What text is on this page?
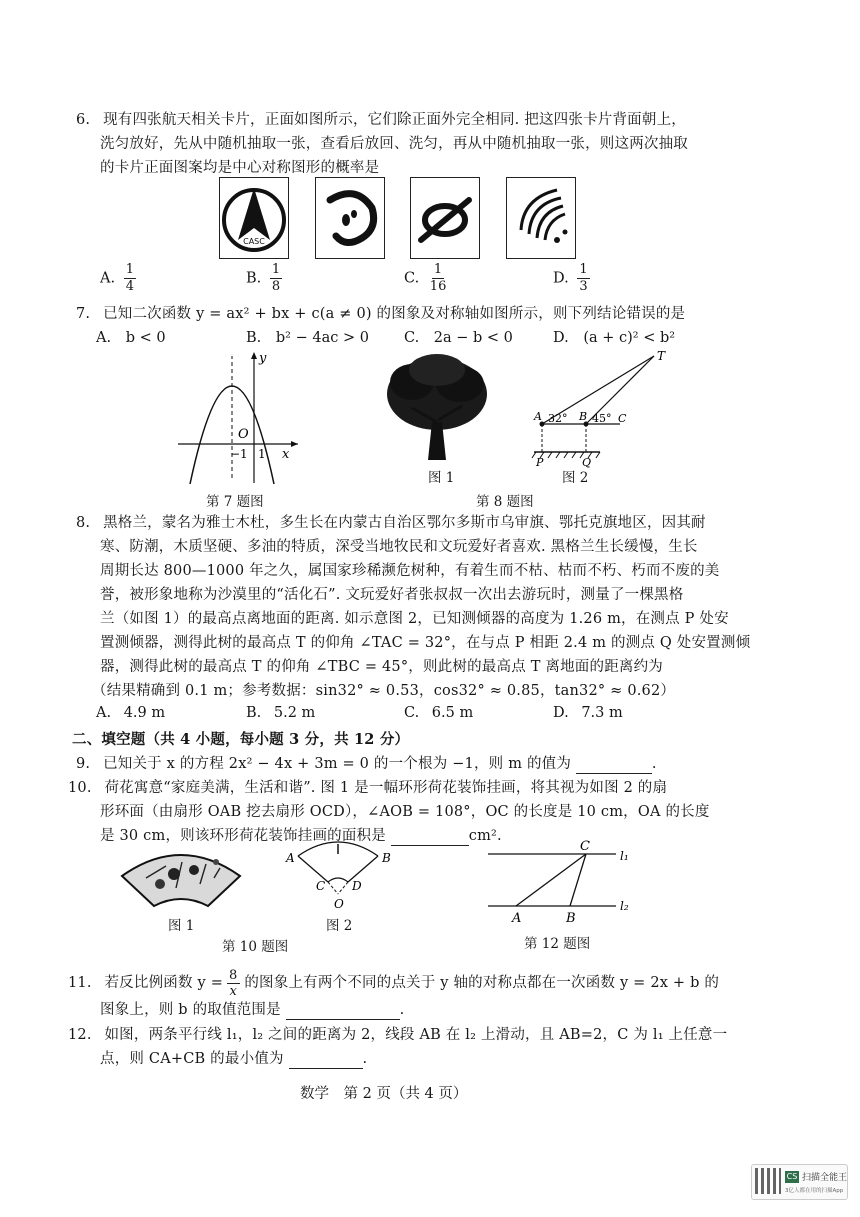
6. 现有四张航天相关卡片，正面如图所示，它们除正面外完全相同. 把这四张卡片背面朝上，
洗匀放好，先从中随机抽取一张，查看后放回、洗匀，再从中随机抽取一张，则这两次抽取
的卡片正面图案均是中心对称图形的概率是
CASC
A. $\frac{1}{4}$	B. $\frac{1}{8}$	C. $\frac{1}{16}$	D. $\frac{1}{3}$
7. 已知二次函数 y = ax² + bx + c(a ≠ 0) 的图象及对称轴如图所示，则下列结论错误的是
A. b < 0	B. b² − 4ac > 0 C. 2a − b < 0	D. (a + c)² < b²
y
x
O
−1 1
第 7 题图
图 1
T
A 32° B 45° C
P	Q
图 2
第 8 题图
8. 黑格兰，蒙名为雅士木杜，多生长在内蒙古自治区鄂尔多斯市乌审旗、鄂托克旗地区，因其耐
寒、防潮，木质坚硬、多油的特质，深受当地牧民和文玩爱好者喜欢. 黑格兰生长缓慢，生长
周期长达 800—1000 年之久，属国家珍稀濒危树种，有着生而不枯、枯而不朽、朽而不废的美
誉，被形象地称为沙漠里的“活化石”. 文玩爱好者张叔叔一次出去游玩时，测量了一棵黑格
兰（如图 1）的最高点离地面的距离. 如示意图 2，已知测倾器的高度为 1.26 m，在测点 P 处安
置测倾器，测得此树的最高点 T 的仰角 ∠TAC = 32°，在与点 P 相距 2.4 m 的测点 Q 处安置测倾
器，测得此树的最高点 T 的仰角 ∠TBC = 45°，则此树的最高点 T 离地面的距离约为
（结果精确到 0.1 m；参考数据：sin32° ≈ 0.53，cos32° ≈ 0.85，tan32° ≈ 0.62）
A. 4.9 m	B. 5.2 m	C. 6.5 m	D. 7.3 m
二、填空题（共 4 小题，每小题 3 分，共 12 分）
9. 已知关于 x 的方程 2x² − 4x + 3m = 0 的一个根为 −1，则 m 的值为	.
10. 荷花寓意“家庭美满，生活和谐”. 图 1 是一幅环形荷花装饰挂画，将其视为如图 2 的扇
形环面（由扇形 OAB 挖去扇形 OCD），∠AOB = 108°，OC 的长度是 10 cm，OA 的长度
是 30 cm，则该环形荷花装饰挂画的面积是	cm².
图 1
A	B
C D
O
图 2
第 10 题图
C
l₁
l₂
A	B
第 12 题图
11. 若反比例函数 $y = \frac{8}{x}$ 的图象上有两个不同的点关于 y 轴的对称点都在一次函数 y = 2x + b 的
图象上，则 b 的取值范围是	.
12. 如图，两条平行线 l₁，l₂ 之间的距离为 2，线段 AB 在 l₂ 上滑动，且 AB=2，C 为 l₁ 上任意一
点，则 CA+CB 的最小值为	.
数学　第 2 页（共 4 页）
CS 扫描全能王
3亿人都在用的扫描App
